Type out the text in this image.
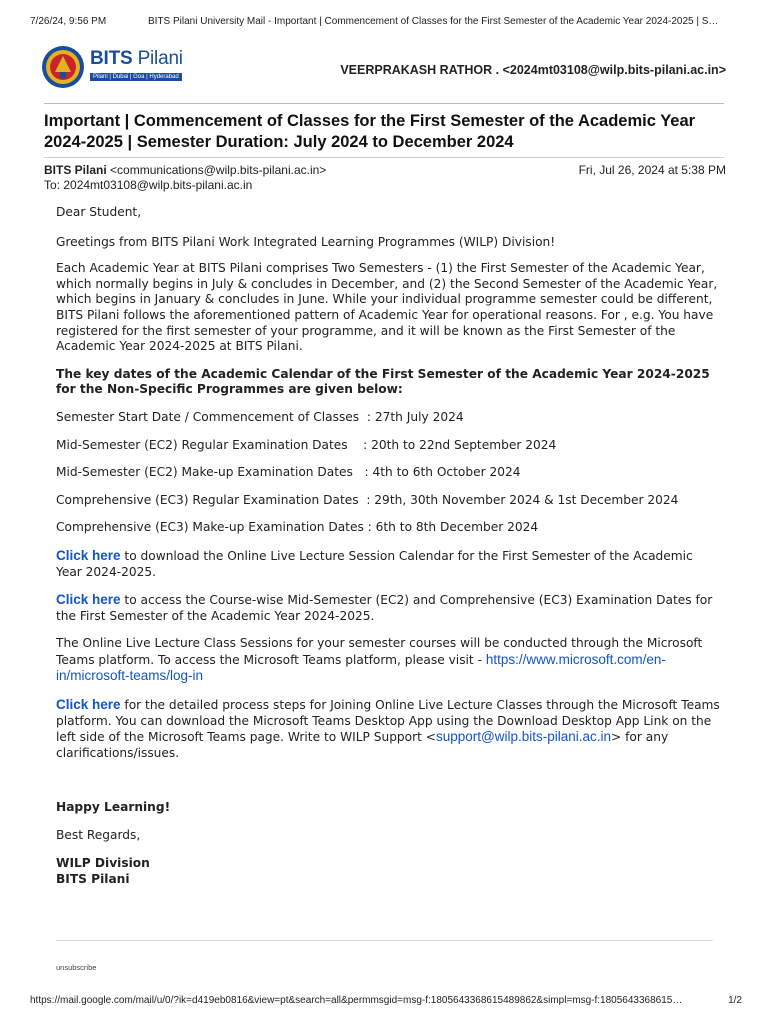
7/26/24, 9:56 PM	BITS Pilani University Mail - Important | Commencement of Classes for the First Semester of the Academic Year 2024-2025 | S…
BITS Pilani
Pilani | Dubai | Goa | Hyderabad	VEERPRAKASH RATHOR . <2024mt03108@wilp.bits-pilani.ac.in>
Important | Commencement of Classes for the First Semester of the Academic Year 2024-2025 | Semester Duration: July 2024 to December 2024
BITS Pilani <communications@wilp.bits-pilani.ac.in>	Fri, Jul 26, 2024 at 5:38 PM
To: 2024mt03108@wilp.bits-pilani.ac.in

Dear Student,

Greetings from BITS Pilani Work Integrated Learning Programmes (WILP) Division!

Each Academic Year at BITS Pilani comprises Two Semesters - (1) the First Semester of the Academic Year, which normally begins in July & concludes in December, and (2) the Second Semester of the Academic Year, which begins in January & concludes in June. While your individual programme semester could be different, BITS Pilani follows the aforementioned pattern of Academic Year for operational reasons. For , e.g. You have registered for the first semester of your programme, and it will be known as the First Semester of the Academic Year 2024-2025 at BITS Pilani.

The key dates of the Academic Calendar of the First Semester of the Academic Year 2024-2025 for the Non-Specific Programmes are given below:

Semester Start Date / Commencement of Classes  : 27th July 2024

Mid-Semester (EC2) Regular Examination Dates    : 20th to 22nd September 2024

Mid-Semester (EC2) Make-up Examination Dates   : 4th to 6th October 2024

Comprehensive (EC3) Regular Examination Dates  : 29th, 30th November 2024 & 1st December 2024

Comprehensive (EC3) Make-up Examination Dates : 6th to 8th December 2024

Click here to download the Online Live Lecture Session Calendar for the First Semester of the Academic Year 2024-2025.

Click here to access the Course-wise Mid-Semester (EC2) and Comprehensive (EC3) Examination Dates for the First Semester of the Academic Year 2024-2025.

The Online Live Lecture Class Sessions for your semester courses will be conducted through the Microsoft Teams platform. To access the Microsoft Teams platform, please visit - https://www.microsoft.com/en-in/microsoft-teams/log-in

Click here for the detailed process steps for Joining Online Live Lecture Classes through the Microsoft Teams platform. You can download the Microsoft Teams Desktop App using the Download Desktop App Link on the left side of the Microsoft Teams page. Write to WILP Support <support@wilp.bits-pilani.ac.in> for any clarifications/issues.

Happy Learning!

Best Regards,

WILP Division

BITS Pilani

unsubscribe
https://mail.google.com/mail/u/0/?ik=d419eb0816&view=pt&search=all&permmsgid=msg-f:1805643368615489862&simpl=msg-f:1805643368615…	1/2
